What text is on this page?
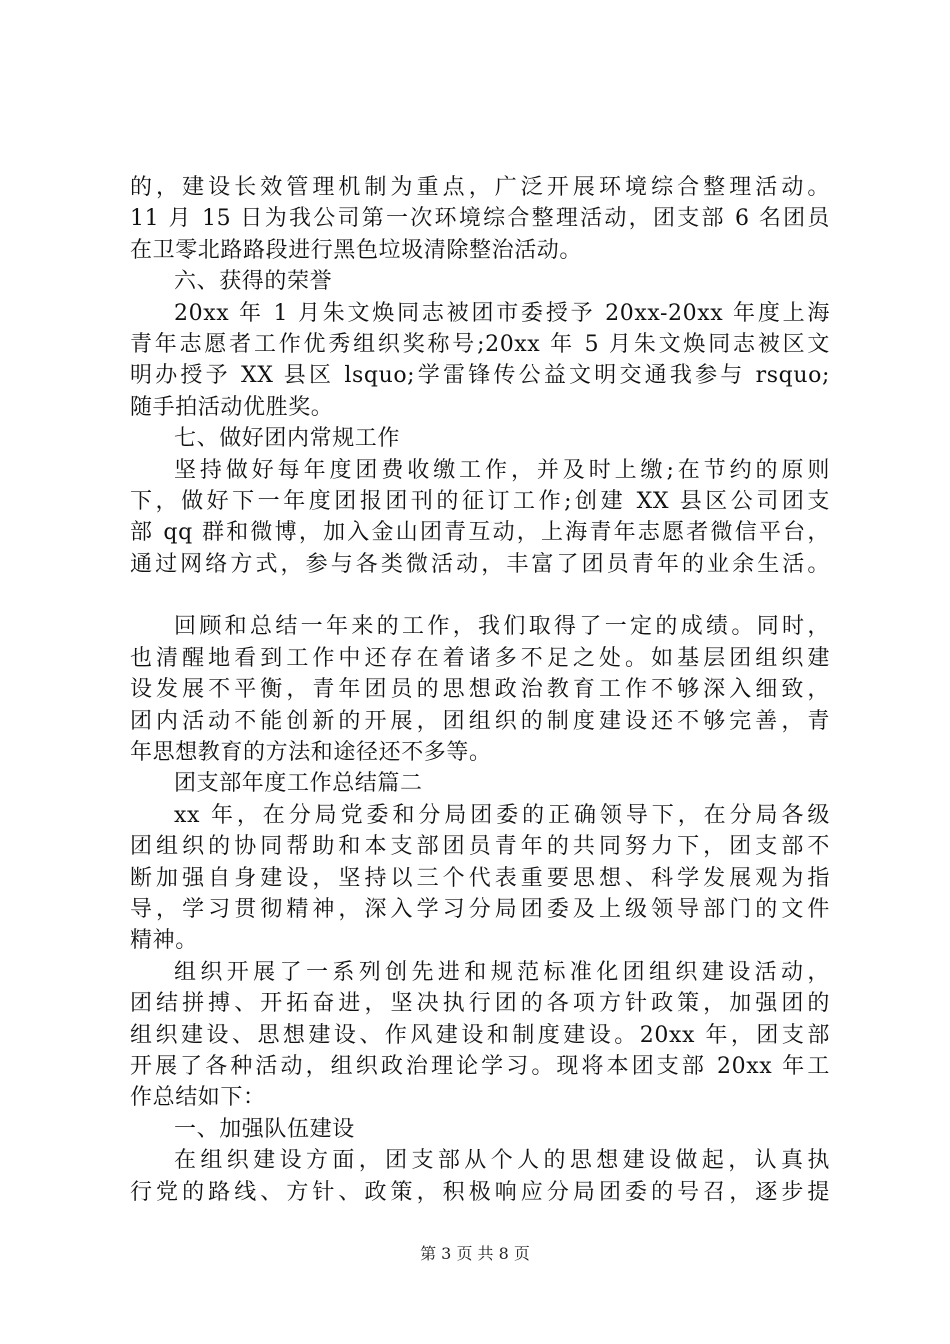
的，建设长效管理机制为重点，广泛开展环境综合整理活动。
11 月 15 日为我公司第一次环境综合整理活动，团支部 6 名团员
在卫零北路路段进行黑色垃圾清除整治活动。
六、获得的荣誉
20xx 年 1 月朱文焕同志被团市委授予 20xx-20xx 年度上海
青年志愿者工作优秀组织奖称号;20xx 年 5 月朱文焕同志被区文
明办授予 XX 县区 lsquo;学雷锋传公益文明交通我参与 rsquo;
随手拍活动优胜奖。
七、做好团内常规工作
坚持做好每年度团费收缴工作，并及时上缴;在节约的原则
下，做好下一年度团报团刊的征订工作;创建 XX 县区公司团支
部 qq 群和微博，加入金山团青互动，上海青年志愿者微信平台，
通过网络方式，参与各类微活动，丰富了团员青年的业余生活。
回顾和总结一年来的工作，我们取得了一定的成绩。同时，
也清醒地看到工作中还存在着诸多不足之处。如基层团组织建
设发展不平衡，青年团员的思想政治教育工作不够深入细致，
团内活动不能创新的开展，团组织的制度建设还不够完善，青
年思想教育的方法和途径还不多等。
团支部年度工作总结篇二
xx 年，在分局党委和分局团委的正确领导下，在分局各级
团组织的协同帮助和本支部团员青年的共同努力下，团支部不
断加强自身建设，坚持以三个代表重要思想、科学发展观为指
导，学习贯彻精神，深入学习分局团委及上级领导部门的文件
精神。
组织开展了一系列创先进和规范标准化团组织建设活动，
团结拼搏、开拓奋进，坚决执行团的各项方针政策，加强团的
组织建设、思想建设、作风建设和制度建设。20xx 年，团支部
开展了各种活动，组织政治理论学习。现将本团支部 20xx 年工
作总结如下：
一、加强队伍建设
在组织建设方面，团支部从个人的思想建设做起，认真执
行党的路线、方针、政策，积极响应分局团委的号召，逐步提
第 3 页 共 8 页
